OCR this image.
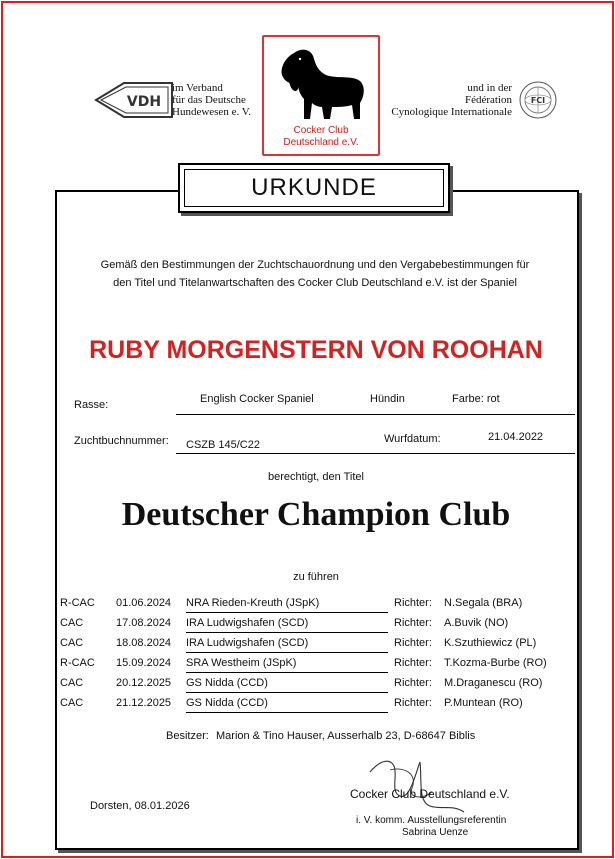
VDH
im Verband
für das Deutsche
Hundewesen e. V.
Cocker Club
Deutschland e.V.
und in der
Fédération
Cynologique Internationale
FCI
URKUNDE
Gemäß den Bestimmungen der Zuchtschauordnung und den Vergabebestimmungen für
den Titel und Titelanwartschaften des Cocker Club Deutschland e.V. ist der Spaniel
RUBY MORGENSTERN VON ROOHAN
Rasse:	English Cocker Spaniel	Hündin	Farbe: rot
Zuchtbuchnummer: CSZB 145/C22	Wurfdatum:	21.04.2022
berechtigt, den Titel
Deutscher Champion Club
zu führen
R-CAC 01.06.2024 NRA Rieden-Kreuth (JSpK)	Richter: N.Segala (BRA)
CAC	17.08.2024 IRA Ludwigshafen (SCD)	Richter: A.Buvik (NO)
CAC	18.08.2024 IRA Ludwigshafen (SCD)	Richter: K.Szuthiewicz (PL)
R-CAC 15.09.2024 SRA Westheim (JSpK)	Richter: T.Kozma-Burbe (RO)
CAC	20.12.2025 GS Nidda (CCD)	Richter: M.Draganescu (RO)
CAC	21.12.2025 GS Nidda (CCD)	Richter: P.Muntean (RO)
Besitzer: Marion & Tino Hauser, Ausserhalb 23, D-68647 Biblis
Dorsten, 08.01.2026
Cocker Club Deutschland e.V.
i. V. komm. Ausstellungsreferentin
Sabrina Uenze
